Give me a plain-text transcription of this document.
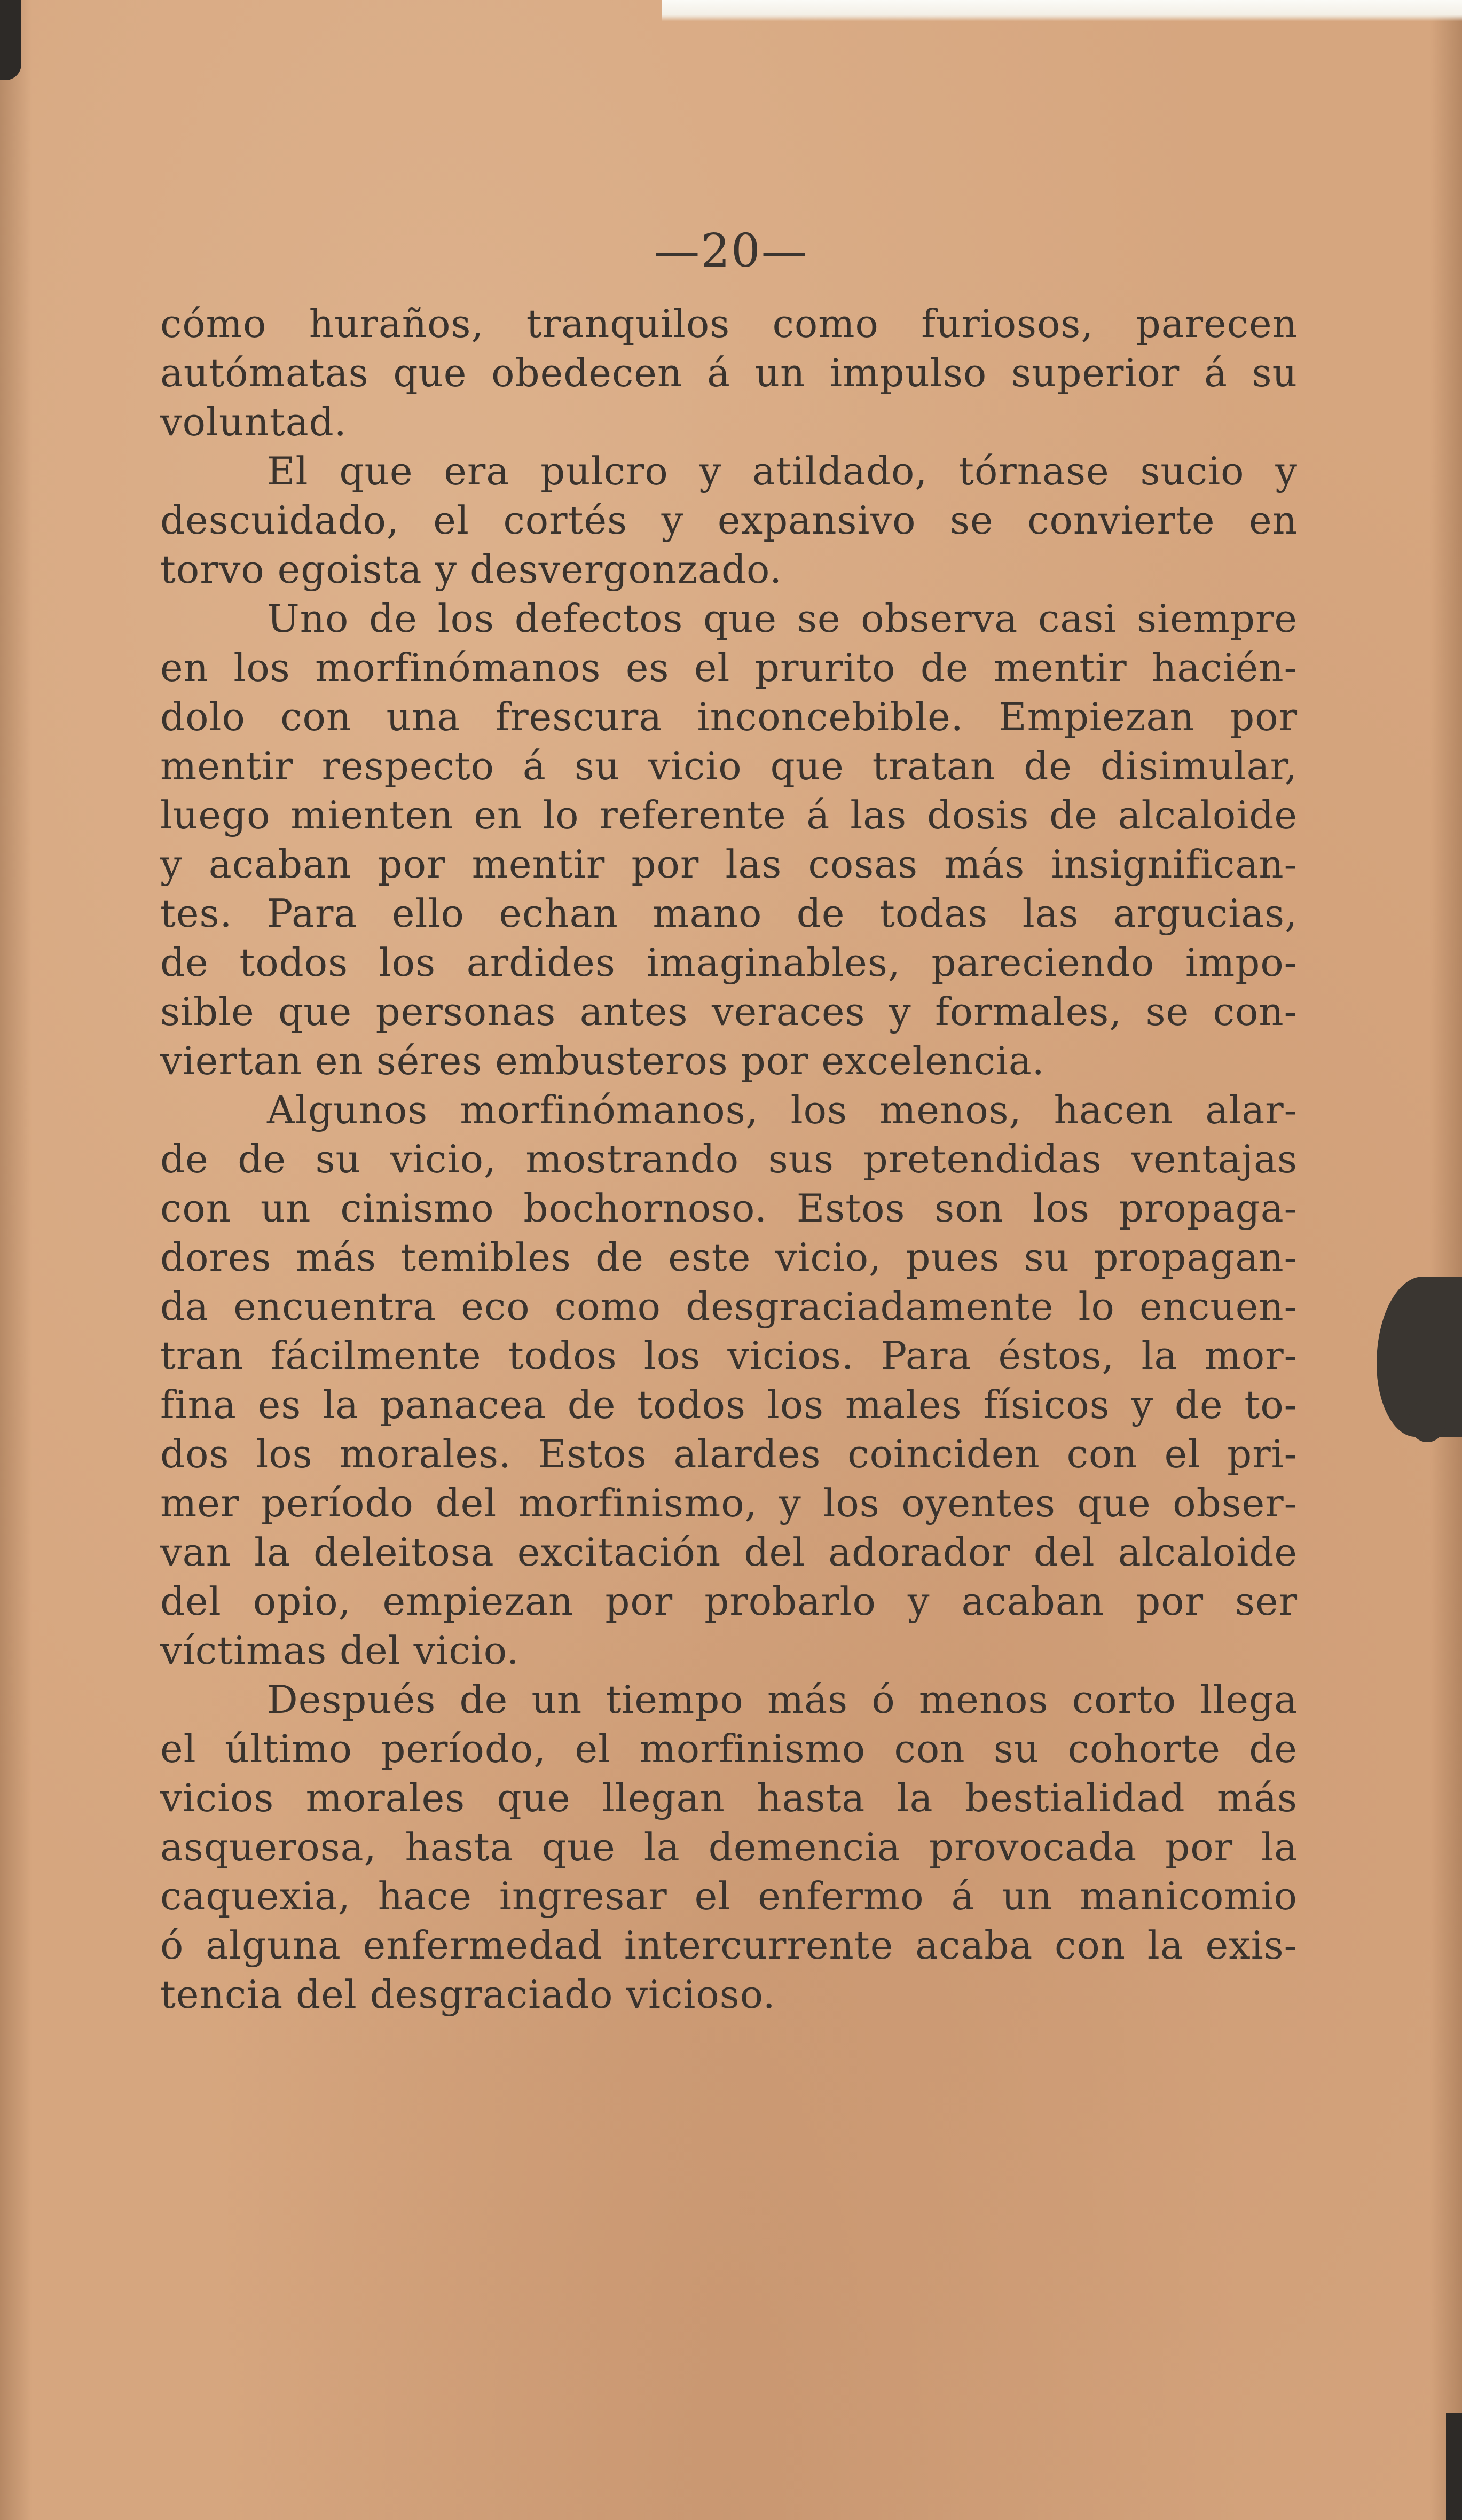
—20—
cómo huraños, tranquilos como furiosos, parecen
autómatas que obedecen á un impulso superior á su
voluntad.
El que era pulcro y atildado, tórnase sucio y
descuidado, el cortés y expansivo se convierte en
torvo egoista y desvergonzado.
Uno de los defectos que se observa casi siempre
en los morfinómanos es el prurito de mentir hacién-
dolo con una frescura inconcebible. Empiezan por
mentir respecto á su vicio que tratan de disimular,
luego mienten en lo referente á las dosis de alcaloide
y acaban por mentir por las cosas más insignifican-
tes. Para ello echan mano de todas las argucias,
de todos los ardides imaginables, pareciendo impo-
sible que personas antes veraces y formales, se con-
viertan en séres embusteros por excelencia.
Algunos morfinómanos, los menos, hacen alar-
de de su vicio, mostrando sus pretendidas ventajas
con un cinismo bochornoso. Estos son los propaga-
dores más temibles de este vicio, pues su propagan-
da encuentra eco como desgraciadamente lo encuen-
tran fácilmente todos los vicios. Para éstos, la mor-
fina es la panacea de todos los males físicos y de to-
dos los morales. Estos alardes coinciden con el pri-
mer período del morfinismo, y los oyentes que obser-
van la deleitosa excitación del adorador del alcaloide
del opio, empiezan por probarlo y acaban por ser
víctimas del vicio.
Después de un tiempo más ó menos corto llega
el último período, el morfinismo con su cohorte de
vicios morales que llegan hasta la bestialidad más
asquerosa, hasta que la demencia provocada por la
caquexia, hace ingresar el enfermo á un manicomio
ó alguna enfermedad intercurrente acaba con la exis-
tencia del desgraciado vicioso.
